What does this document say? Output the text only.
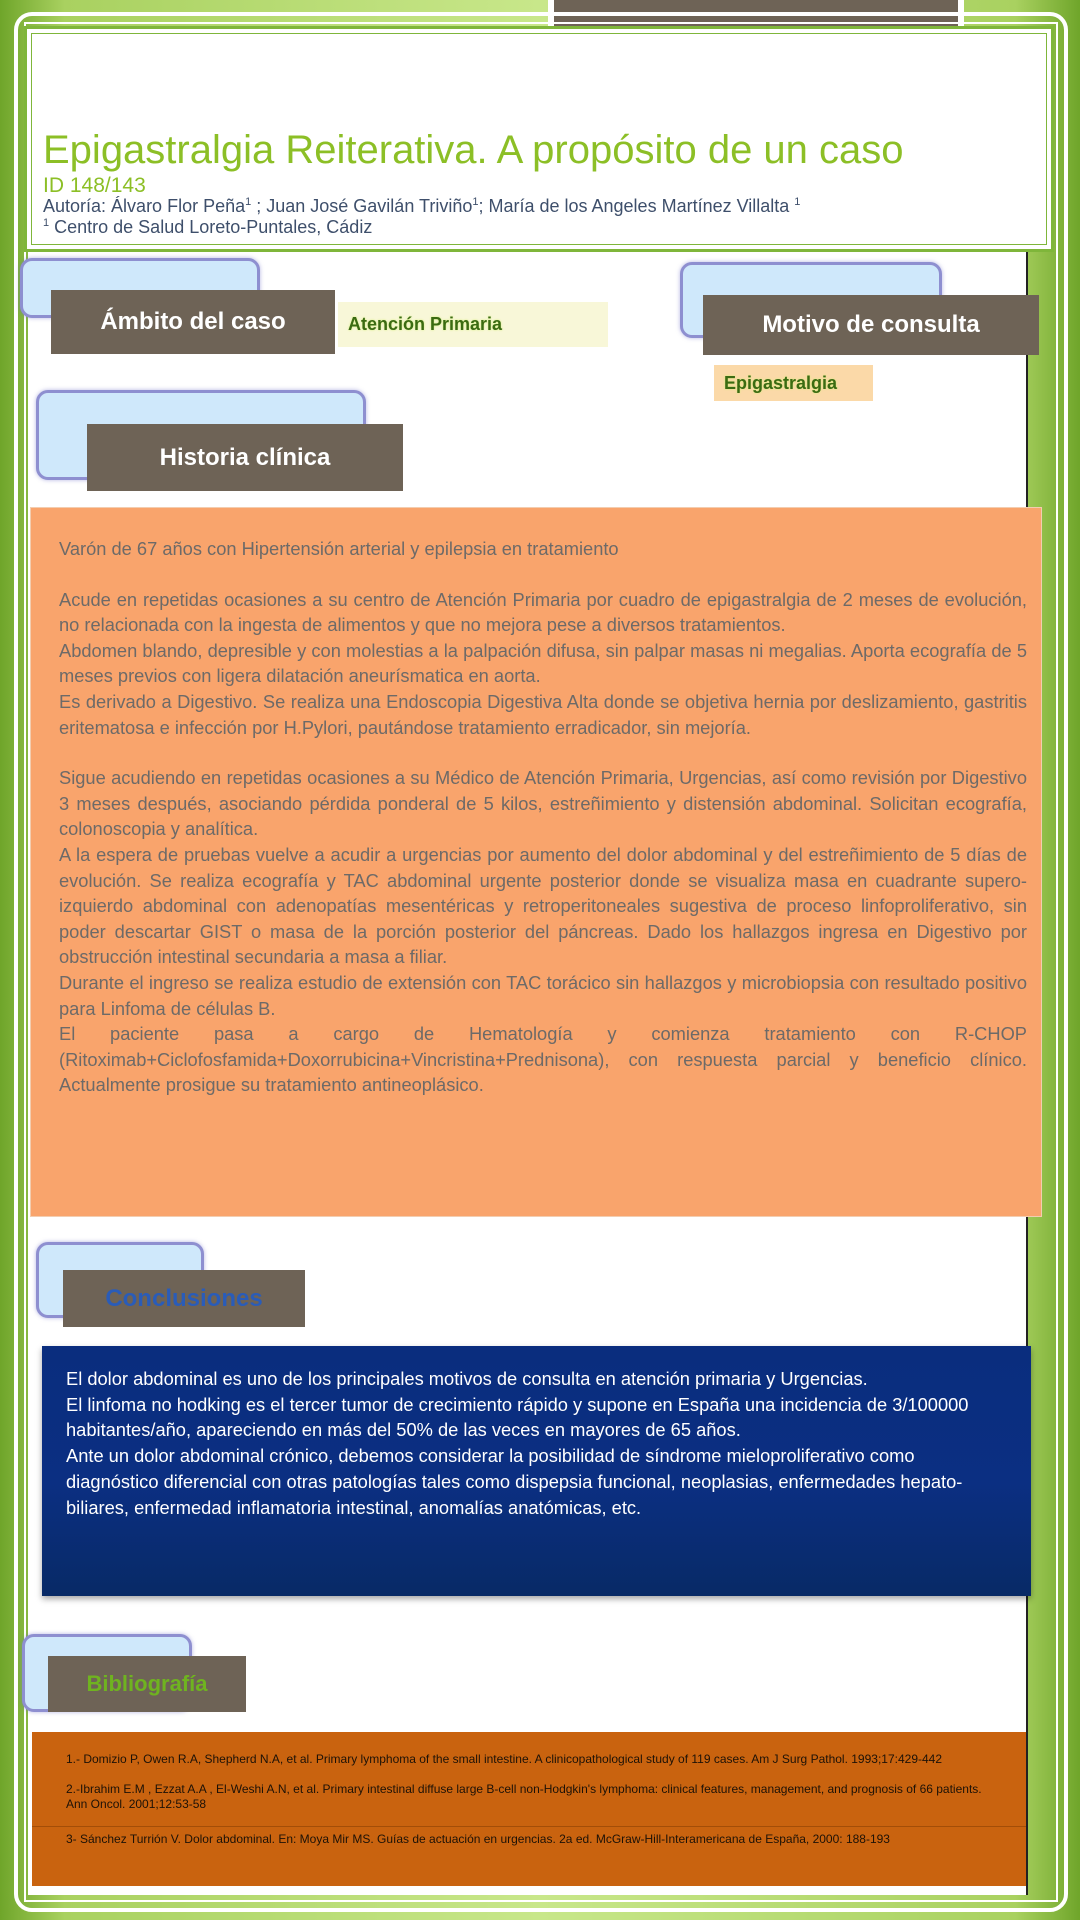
Epigastralgia Reiterativa. A propósito de un caso
ID 148/143
Autoría: Álvaro Flor Peña$^1$ ; Juan José Gavilán Triviño$^1$; María de los Angeles Martínez Villalta $^1$
$^1$ Centro de Salud Loreto-Puntales, Cádiz
Ámbito del caso	Atención Primaria	Motivo de consulta
Epigastralgia
Historia clínica

Varón de 67 años con Hipertensión arterial y epilepsia en tratamiento

Acude en repetidas ocasiones a su centro de Atención Primaria por cuadro de epigastralgia de 2 meses de evolución, no relacionada con la ingesta de alimentos y que no mejora pese a diversos tratamientos.

Abdomen blando, depresible y con molestias a la palpación difusa, sin palpar masas ni megalias. Aporta ecografía de 5 meses previos con ligera dilatación aneurísmatica en aorta.

Es derivado a Digestivo. Se realiza una Endoscopia Digestiva Alta donde se objetiva hernia por deslizamiento, gastritis eritematosa e infección por H.Pylori, pautándose tratamiento erradicador, sin mejoría.

Sigue acudiendo en repetidas ocasiones a su Médico de Atención Primaria, Urgencias, así como revisión por Digestivo 3 meses después, asociando pérdida ponderal de 5 kilos, estreñimiento y distensión abdominal. Solicitan ecografía, colonoscopia y analítica.

A la espera de pruebas vuelve a acudir a urgencias por aumento del dolor abdominal y del estreñimiento de 5 días de evolución. Se realiza ecografía y TAC abdominal urgente posterior donde se visualiza masa en cuadrante supero-izquierdo abdominal con adenopatías mesentéricas y retroperitoneales sugestiva de proceso linfoproliferativo, sin poder descartar GIST o masa de la porción posterior del páncreas. Dado los hallazgos ingresa en Digestivo por obstrucción intestinal secundaria a masa a filiar.

Durante el ingreso se realiza estudio de extensión con TAC torácico sin hallazgos y microbiopsia con resultado positivo para Linfoma de células B.

El paciente pasa a cargo de Hematología y comienza tratamiento con R-CHOP (Ritoximab+Ciclofosfamida+Doxorrubicina+Vincristina+Prednisona), con respuesta parcial y beneficio clínico. Actualmente prosigue su tratamiento antineoplásico.

Conclusiones

El dolor abdominal es uno de los principales motivos de consulta en atención primaria y Urgencias.

El linfoma no hodking es el tercer tumor de crecimiento rápido y supone en España una incidencia de 3/100000 habitantes/año, apareciendo en más del 50% de las veces en mayores de 65 años.

Ante un dolor abdominal crónico, debemos considerar la posibilidad de síndrome mieloproliferativo como diagnóstico diferencial con otras patologías tales como dispepsia funcional, neoplasias, enfermedades hepato-biliares, enfermedad inflamatoria intestinal, anomalías anatómicas, etc.

Bibliografía

1.- Domizio P, Owen R.A, Shepherd N.A, et al. Primary lymphoma of the small intestine. A clinicopathological study of 119 cases. Am J Surg Pathol. 1993;17:429-442

2.-Ibrahim E.M , Ezzat A.A , El-Weshi A.N, et al. Primary intestinal diffuse large B-cell non-Hodgkin's lymphoma: clinical features, management, and prognosis of 66 patients. Ann Oncol. 2001;12:53-58

3- Sánchez Turrión V. Dolor abdominal. En: Moya Mir MS. Guías de actuación en urgencias. 2a ed. McGraw-Hill-Interamericana de España, 2000: 188-193
